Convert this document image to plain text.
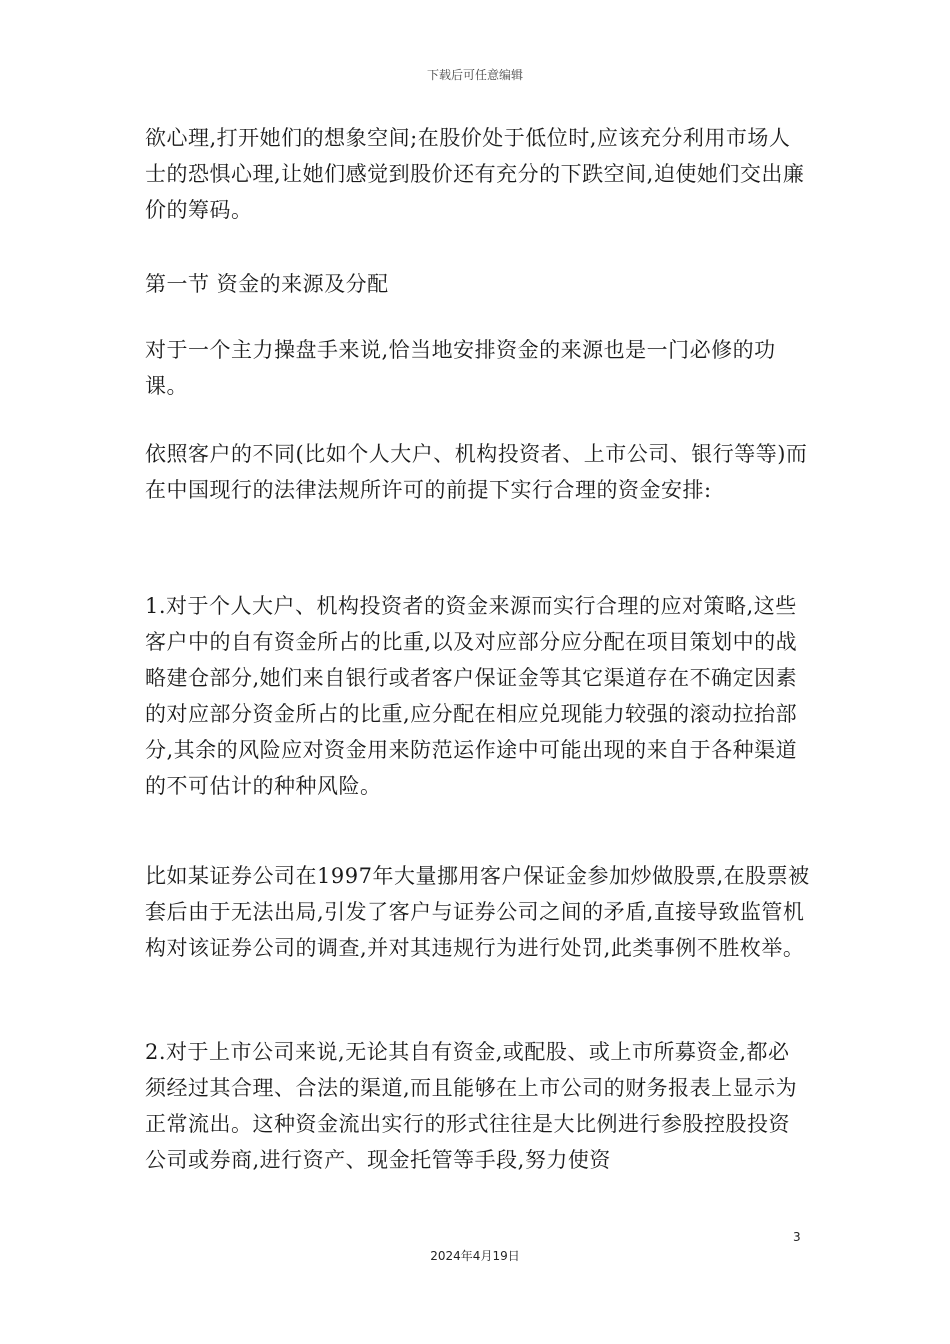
下载后可任意编辑

欲心理,打开她们的想象空间;在股价处于低位时,应该充分利用市场人士的恐惧心理,让她们感觉到股价还有充分的下跌空间,迫使她们交出廉价的筹码。

第一节 资金的来源及分配

对于一个主力操盘手来说,恰当地安排资金的来源也是一门必修的功课。

依照客户的不同(比如个人大户、机构投资者、上市公司、银行等等)而在中国现行的法律法规所许可的前提下实行合理的资金安排:

1.对于个人大户、机构投资者的资金来源而实行合理的应对策略,这些客户中的自有资金所占的比重,以及对应部分应分配在项目策划中的战略建仓部分,她们来自银行或者客户保证金等其它渠道存在不确定因素的对应部分资金所占的比重,应分配在相应兑现能力较强的滚动拉抬部分,其余的风险应对资金用来防范运作途中可能出现的来自于各种渠道的不可估计的种种风险。

比如某证券公司在1997年大量挪用客户保证金参加炒做股票,在股票被套后由于无法出局,引发了客户与证券公司之间的矛盾,直接导致监管机构对该证券公司的调查,并对其违规行为进行处罚,此类事例不胜枚举。

2.对于上市公司来说,无论其自有资金,或配股、或上市所募资金,都必须经过其合理、合法的渠道,而且能够在上市公司的财务报表上显示为正常流出。这种资金流出实行的形式往往是大比例进行参股控股投资公司或券商,进行资产、现金托管等手段,努力使资

3
2024年4月19日
